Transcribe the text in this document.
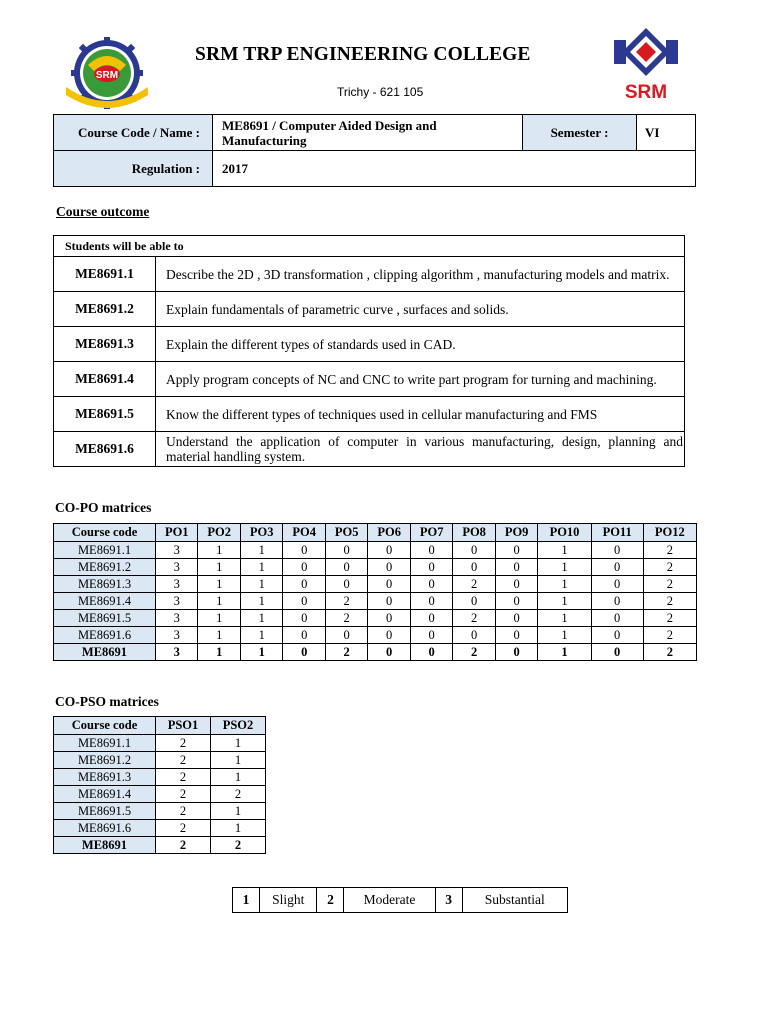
SRM
SRM TRP ENGINEERING COLLEGE
Trichy - 621 105	SRM
Course Code / Name :	ME8691 / Computer Aided Design and Manufacturing	Semester :	VI
Regulation :	2017		
Course outcome
Students will be able to	
ME8691.1	Describe the 2D , 3D transformation , clipping algorithm , manufacturing models and matrix.
ME8691.2	Explain fundamentals of parametric curve , surfaces and solids.
ME8691.3	Explain the different types of standards used in CAD.
ME8691.4	Apply program concepts of NC and CNC to write part program for turning and machining.
ME8691.5	Know the different types of techniques used in cellular manufacturing and FMS
ME8691.6	Understand the application of computer in various manufacturing, design, planning and material handling system.
CO-PO matrices
Course code	PO1	PO2	PO3	PO4	PO5	PO6	PO7	PO8	PO9	PO10	PO11	PO12
ME8691.1	3	1	1	0	0	0	0	0	0	1	0	2
ME8691.2	3	1	1	0	0	0	0	0	0	1	0	2
ME8691.3	3	1	1	0	0	0	0	2	0	1	0	2
ME8691.4	3	1	1	0	2	0	0	0	0	1	0	2
ME8691.5	3	1	1	0	2	0	0	2	0	1	0	2
ME8691.6	3	1	1	0	0	0	0	0	0	1	0	2
ME8691	3	1	1	0	2	0	0	2	0	1	0	2
CO-PSO matrices
Course code	PSO1	PSO2
ME8691.1	2	1
ME8691.2	2	1
ME8691.3	2	1
ME8691.4	2	2
ME8691.5	2	1
ME8691.6	2	1
ME8691	2	2
1	Slight	2	Moderate	3	Substantial
